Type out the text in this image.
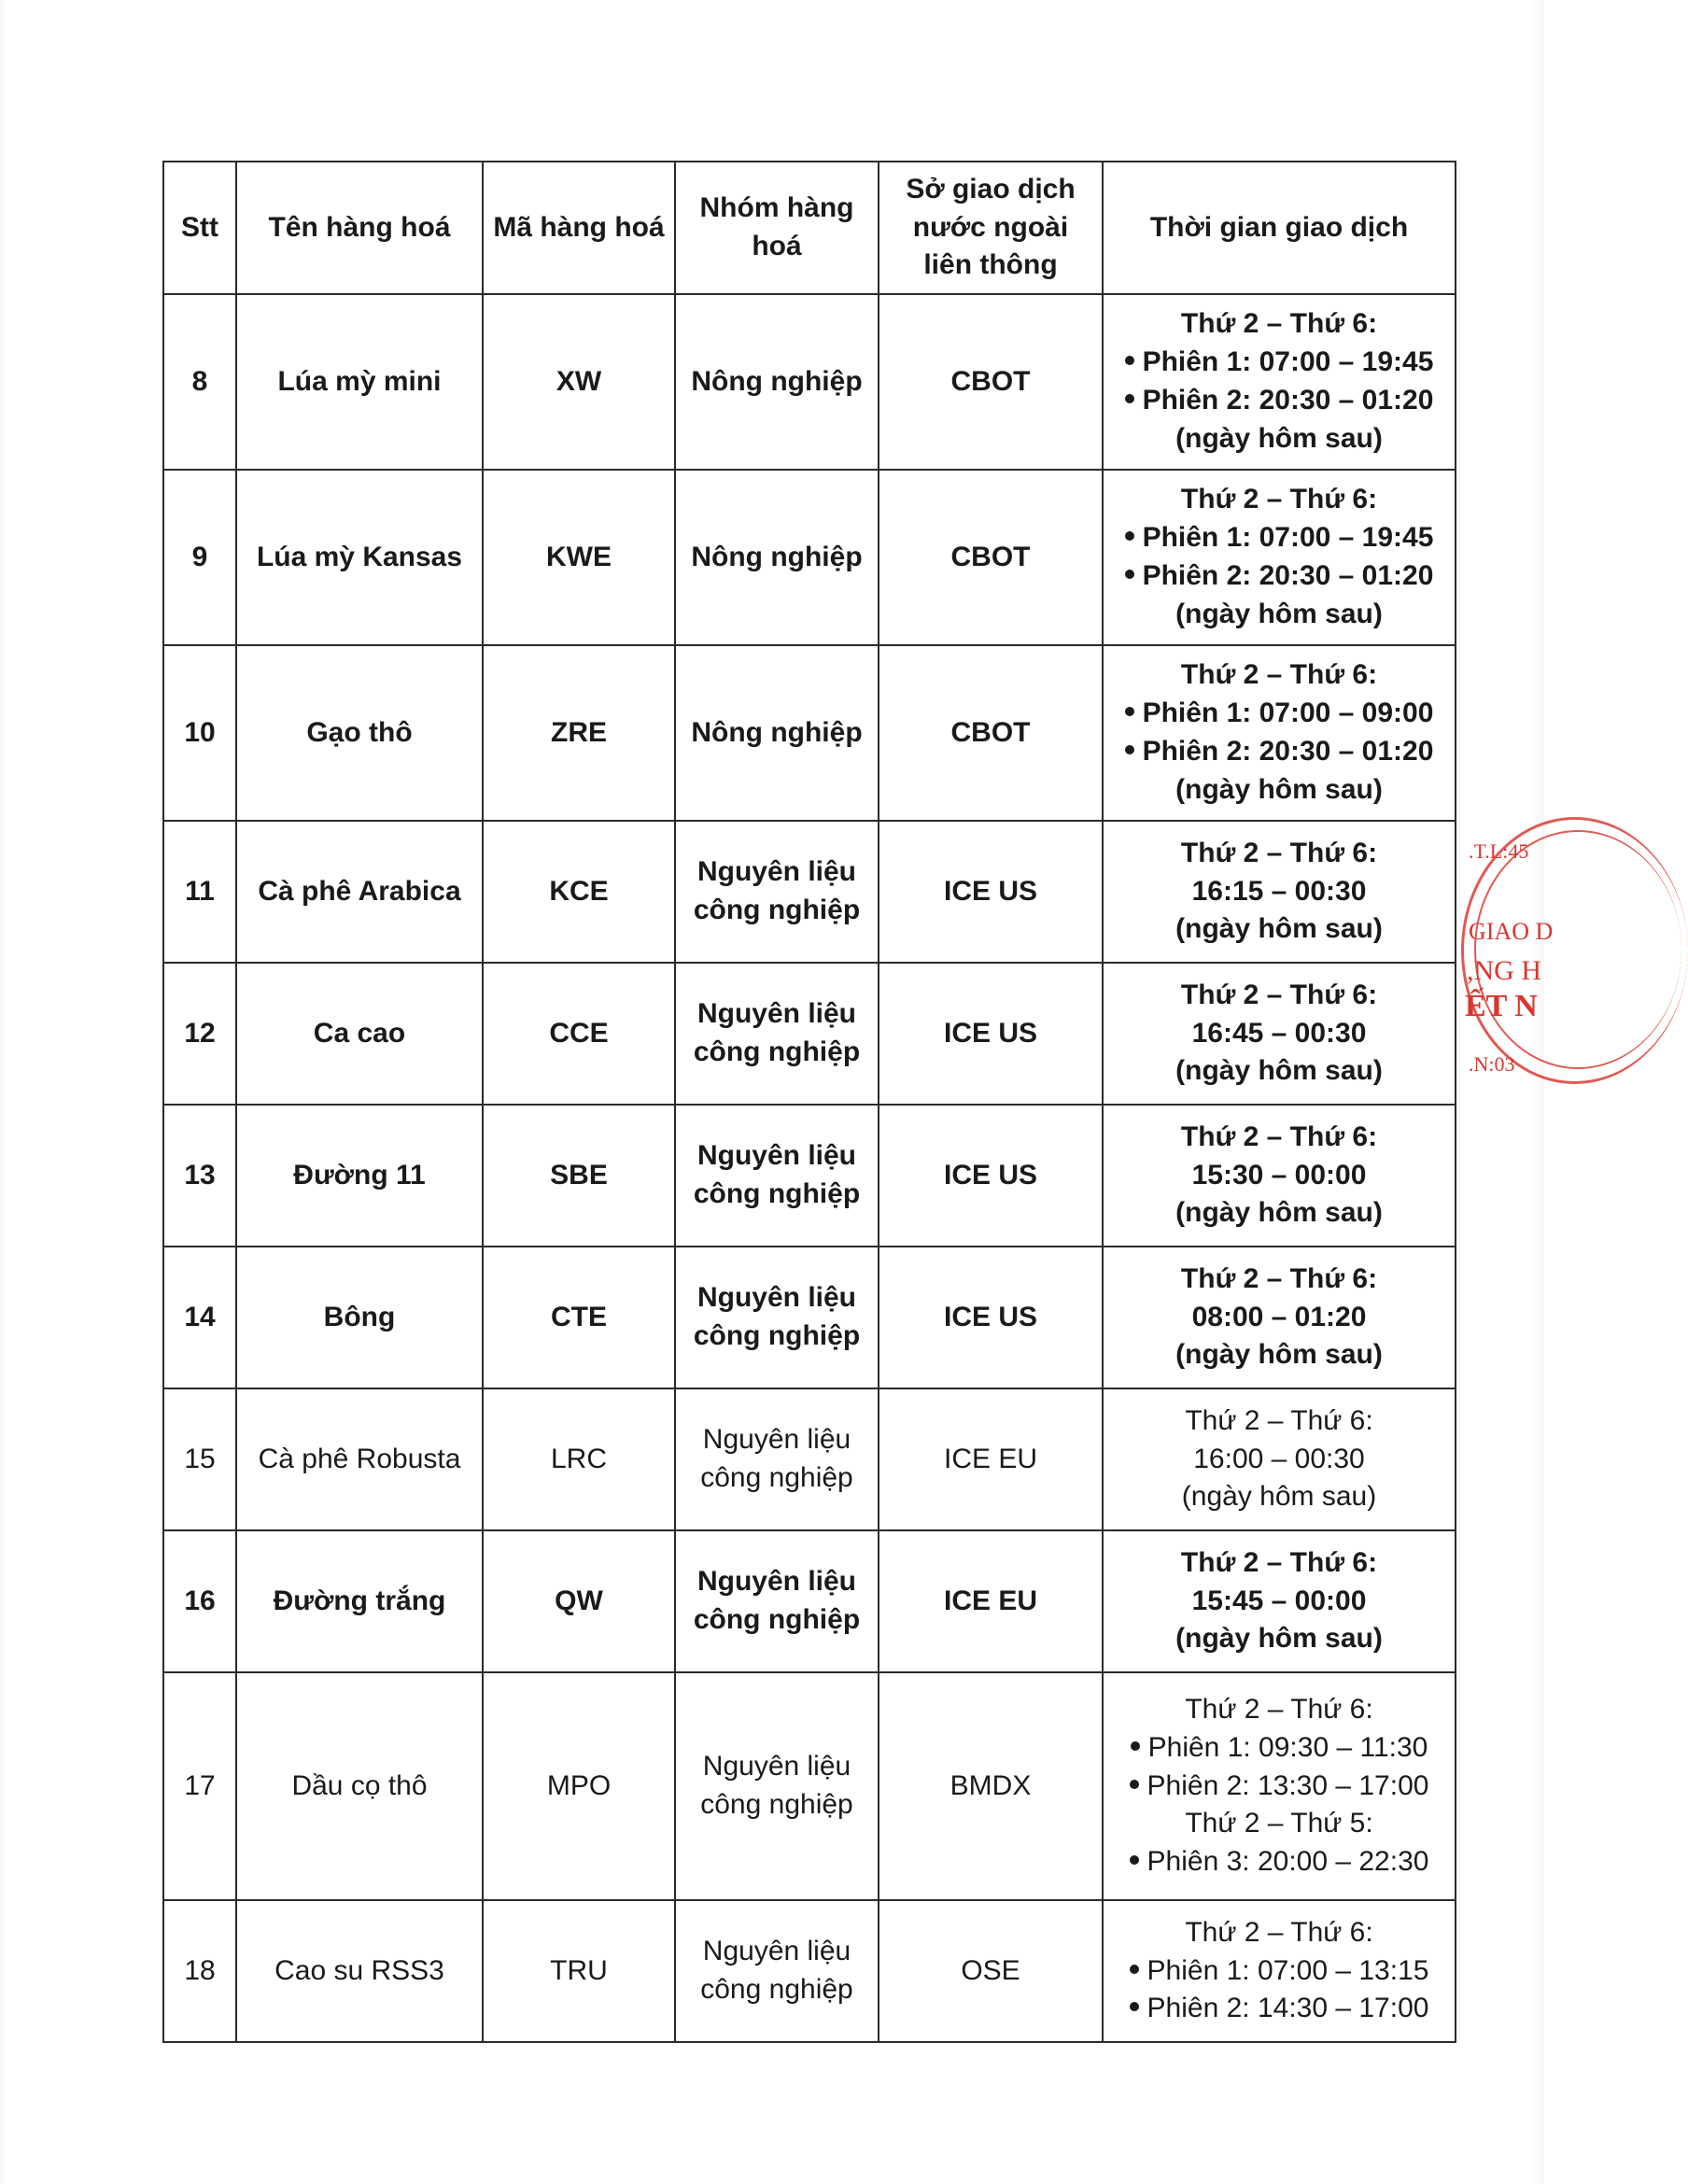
Stt	Tên hàng hoá	Mã hàng hoá	Nhóm hàng hoá	Sở giao dịch nước ngoài liên thông	Thời gian giao dịch
8	Lúa mỳ mini	XW	Nông nghiệp	CBOT	Thứ 2 – Thứ 6:
Phiên 1: 07:00 – 19:45
Phiên 2: 20:30 – 01:20
(ngày hôm sau)

9	Lúa mỳ Kansas	KWE	Nông nghiệp	CBOT	Thứ 2 – Thứ 6:
Phiên 1: 07:00 – 19:45
Phiên 2: 20:30 – 01:20
(ngày hôm sau)

10	Gạo thô	ZRE	Nông nghiệp	CBOT	Thứ 2 – Thứ 6:
Phiên 1: 07:00 – 09:00
Phiên 2: 20:30 – 01:20
(ngày hôm sau)

11	Cà phê Arabica	KCE	Nguyên liệu công nghiệp	ICE US	Thứ 2 – Thứ 6:
16:15 – 00:30
(ngày hôm sau)

12	Ca cao	CCE	Nguyên liệu công nghiệp	ICE US	Thứ 2 – Thứ 6:
16:45 – 00:30
(ngày hôm sau)

13	Đường 11	SBE	Nguyên liệu công nghiệp	ICE US	Thứ 2 – Thứ 6:
15:30 – 00:00
(ngày hôm sau)

14	Bông	CTE	Nguyên liệu công nghiệp	ICE US	Thứ 2 – Thứ 6:
08:00 – 01:20
(ngày hôm sau)

15	Cà phê Robusta	LRC	Nguyên liệu công nghiệp	ICE EU	Thứ 2 – Thứ 6:
16:00 – 00:30
(ngày hôm sau)

16	Đường trắng	QW	Nguyên liệu công nghiệp	ICE EU	Thứ 2 – Thứ 6:
15:45 – 00:00
(ngày hôm sau)

17	Dầu cọ thô	MPO	Nguyên liệu công nghiệp	BMDX	Thứ 2 – Thứ 6:
Phiên 1: 09:30 – 11:30
Phiên 2: 13:30 – 17:00
Thứ 2 – Thứ 5:
Phiên 3: 20:00 – 22:30

18	Cao su RSS3	TRU	Nguyên liệu công nghiệp	OSE	Thứ 2 – Thứ 6:
Phiên 1: 07:00 – 13:15
Phiên 2: 14:30 – 17:00
.T.L:45
GIAO D
,NG H
ẾT N
.N:03
